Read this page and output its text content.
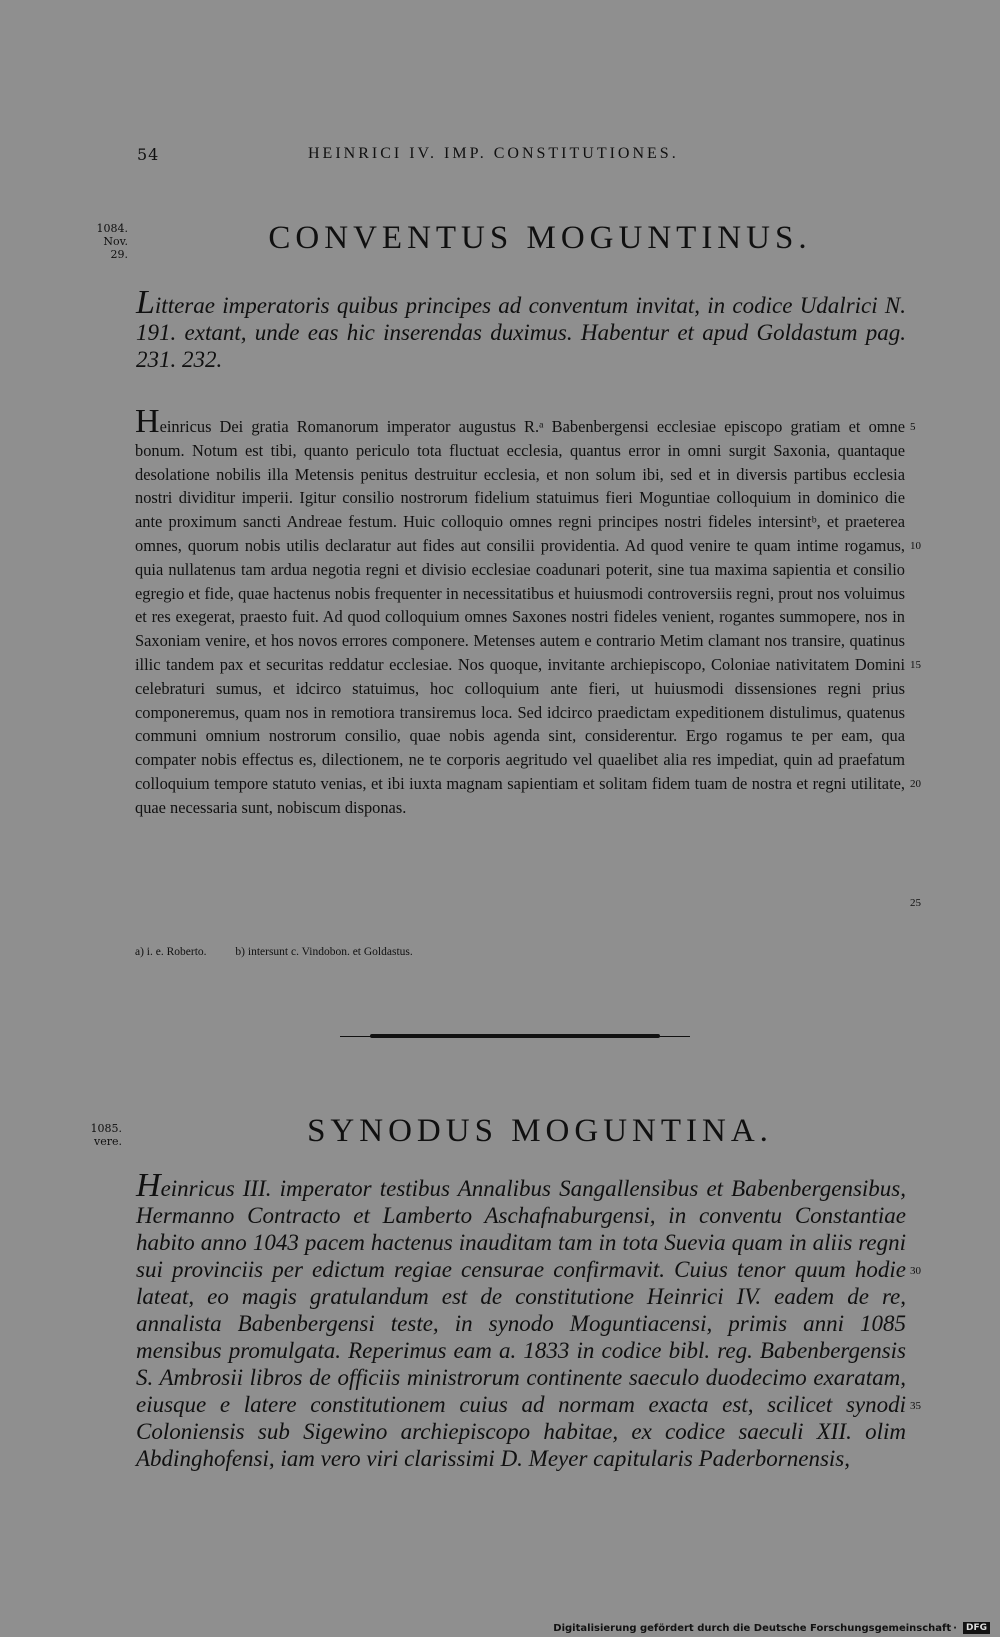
54	HEINRICI IV. IMP. CONSTITUTIONES.
1084.
Nov.
29.	CONVENTUS MOGUNTINUS.
Litterae imperatoris quibus principes ad conventum invitat, in codice Udalrici N. 191. extant, unde eas hic inserendas duximus. Habentur et apud Goldastum pag. 231. 232.
Heinricus Dei gratia Romanorum imperator augustus R.ᵃ Babenbergensi ecclesiae episcopo gratiam et omne bonum. Notum est tibi, quanto periculo tota fluctuat ecclesia, quantus error in omni surgit Saxonia, quantaque desolatione nobilis illa Metensis penitus destruitur ecclesia, et non solum ibi, sed et in diversis partibus ecclesia nostri dividitur imperii. Igitur consilio nostrorum fidelium statuimus fieri Moguntiae colloquium in dominico die ante proximum sancti Andreae festum. Huic colloquio omnes regni principes nostri fideles intersintᵇ, et praeterea omnes, quorum nobis utilis declaratur aut fides aut consilii providentia. Ad quod venire te quam intime rogamus, quia nullatenus tam ardua negotia regni et divisio ecclesiae coadunari poterit, sine tua maxima sapientia et consilio egregio et fide, quae hactenus nobis frequenter in necessitatibus et huiusmodi controversiis regni, prout nos voluimus et res exegerat, praesto fuit. Ad quod colloquium omnes Saxones nostri fideles venient, rogantes summopere, nos in Saxoniam venire, et hos novos errores componere. Metenses autem e contrario Metim clamant nos transire, quatinus illic tandem pax et securitas reddatur ecclesiae. Nos quoque, invitante archiepiscopo, Coloniae nativitatem Domini celebraturi sumus, et idcirco statuimus, hoc colloquium ante fieri, ut huiusmodi dissensiones regni prius componeremus, quam nos in remotiora transiremus loca. Sed idcirco praedictam expeditionem distulimus, quatenus communi omnium nostrorum consilio, quae nobis agenda sint, considerentur. Ergo rogamus te per eam, qua compater nobis effectus es, dilectionem, ne te corporis aegritudo vel quaelibet alia res impediat, quin ad praefatum colloquium tempore statuto venias, et ibi iuxta magnam sapientiam et solitam fidem tuam de nostra et regni utilitate, quae necessaria sunt, nobiscum disponas.
5
10
15
20
25
a) i. e. Roberto.	b) intersunt c. Vindobon. et Goldastus.
1085.
vere.	SYNODUS MOGUNTINA.
Heinricus III. imperator testibus Annalibus Sangallensibus et Babenbergensibus, Hermanno Contracto et Lamberto Aschafnaburgensi, in conventu Constantiae habito anno 1043 pacem hactenus inauditam tam in tota Suevia quam in aliis regni sui provinciis per edictum regiae censurae confirmavit. Cuius tenor quum hodie lateat, eo magis gratulandum est de constitutione Heinrici IV. eadem de re, annalista Babenbergensi teste, in synodo Moguntiacensi, primis anni 1085 mensibus promulgata. Reperimus eam a. 1833 in codice bibl. reg. Babenbergensis S. Ambrosii libros de officiis ministrorum continente saeculo duodecimo exaratam, eiusque e latere constitutionem cuius ad normam exacta est, scilicet synodi Coloniensis sub Sigewino archiepiscopo habitae, ex codice saeculi XII. olim Abdinghofensi, iam vero viri clarissimi D. Meyer capitularis Paderbornensis,
30
35
Digitalisierung gefördert durch die Deutsche Forschungsgemeinschaft ·	DFG
